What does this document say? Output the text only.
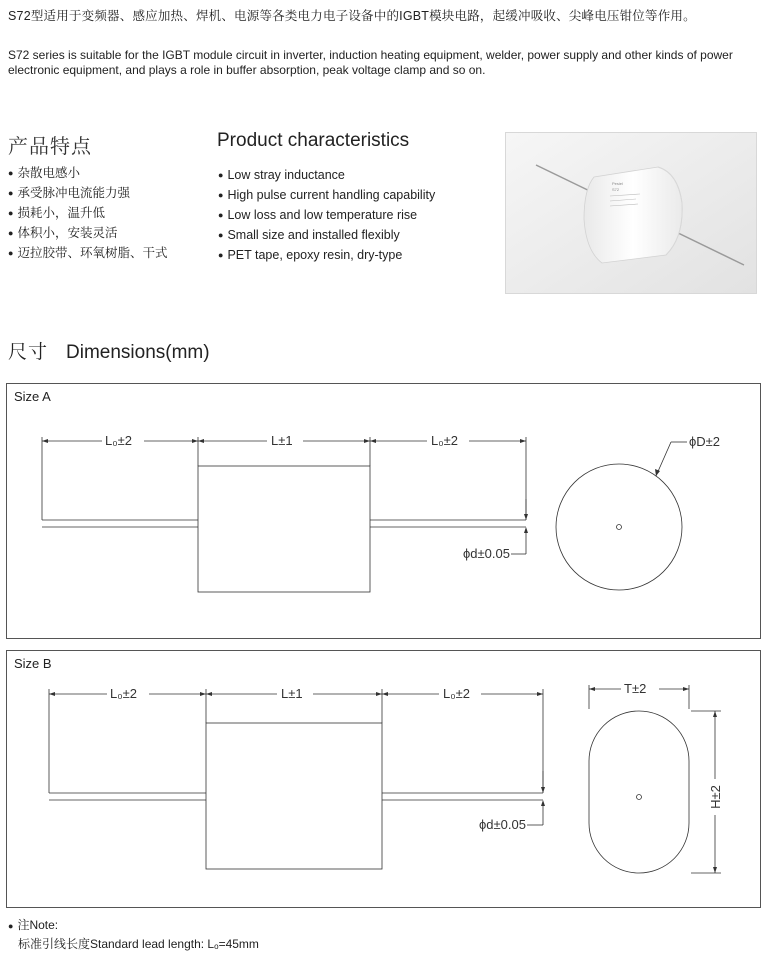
S72型适用于变频器、感应加热、焊机、电源等各类电力电子设备中的IGBT模块电路，起缓冲吸收、尖峰电压钳位等作用。
S72 series is suitable for the IGBT module circuit in inverter, induction heating equipment, welder, power supply and other kinds of power electronic equipment, and plays a role in buffer absorption, peak voltage clamp and so on.
产品特点	Product characteristics
● 杂散电感小
● 承受脉冲电流能力强
● 损耗小，温升低
● 体积小，安装灵活
● 迈拉胶带、环氧树脂、干式
● Low stray inductance
● High pulse current handling capability
● Low loss and low temperature rise
● Small size and installed flexibly
● PET tape, epoxy resin, dry-type
Pesiel
S72
尺寸 Dimensions(mm)
Size A
L₀±2	L±1	L₀±2
ϕd±0.05
ϕD±2
Size B
L₀±2	L±1	L₀±2
ϕd±0.05
T±2
H±2
● 注Note:
标准引线长度Standard lead length: Lo=45mm
